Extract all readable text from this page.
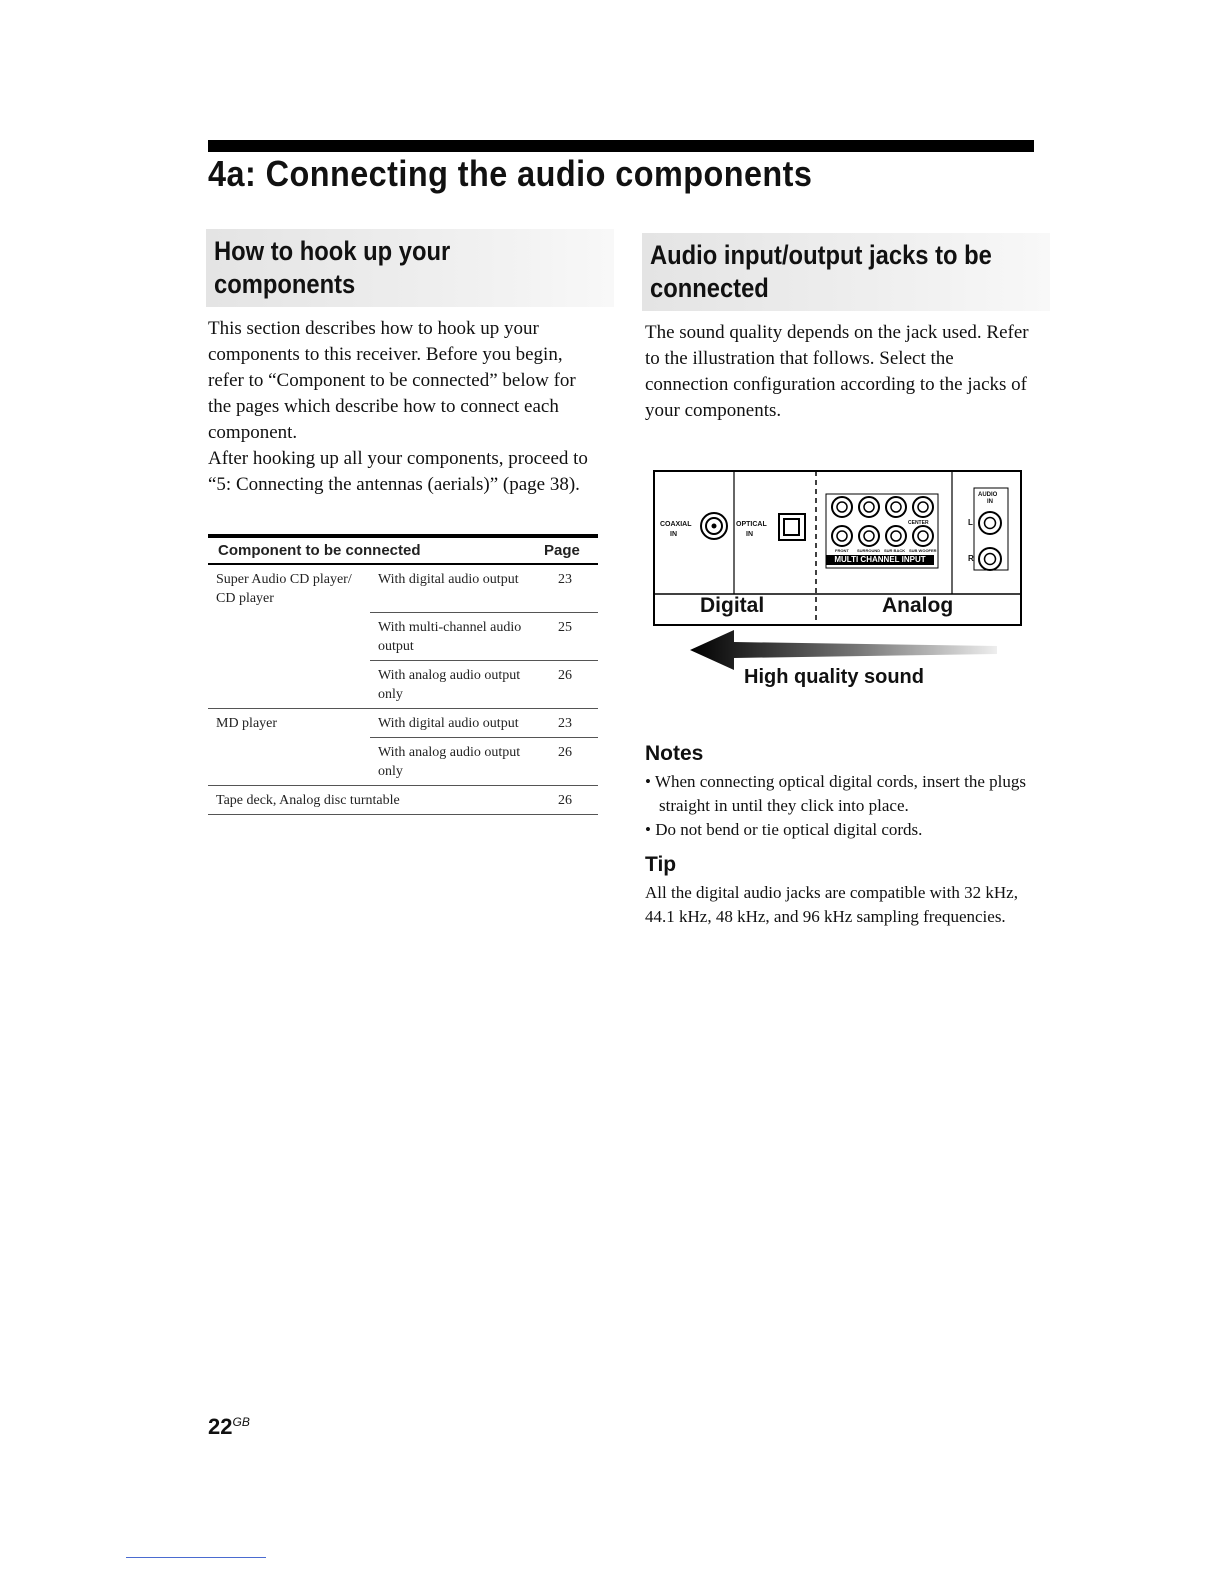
4a: Connecting the audio components
How to hook up your
components

This section describes how to hook up your components to this receiver. Before you begin, refer to “Component to be connected” below for the pages which describe how to connect each component.

After hooking up all your components, proceed to “5: Connecting the antennas (aerials)” (page 38).

Component to be connected		Page
Super Audio CD player/ CD player	With digital audio output	23
	With multi-channel audio output	25
	With analog audio output only	26
MD player	With digital audio output	23
	With analog audio output only	26
Tape deck, Analog disc turntable		26
Audio input/output jacks to be
connected

The sound quality depends on the jack used. Refer to the illustration that follows. Select the connection configuration according to the jacks of your components.

COAXIAL
IN
OPTICAL
IN
CENTER
FRONT SURROUND SUR BACK SUB WOOFER
MULTI CHANNEL INPUT
AUDIO
IN
L
R
Digital	Analog
High quality sound
Notes
• When connecting optical digital cords, insert the plugs straight in until they click into place.
• Do not bend or tie optical digital cords.
Tip

All the digital audio jacks are compatible with 32 kHz, 44.1 kHz, 48 kHz, and 96 kHz sampling frequencies.

$22^{GB}$
